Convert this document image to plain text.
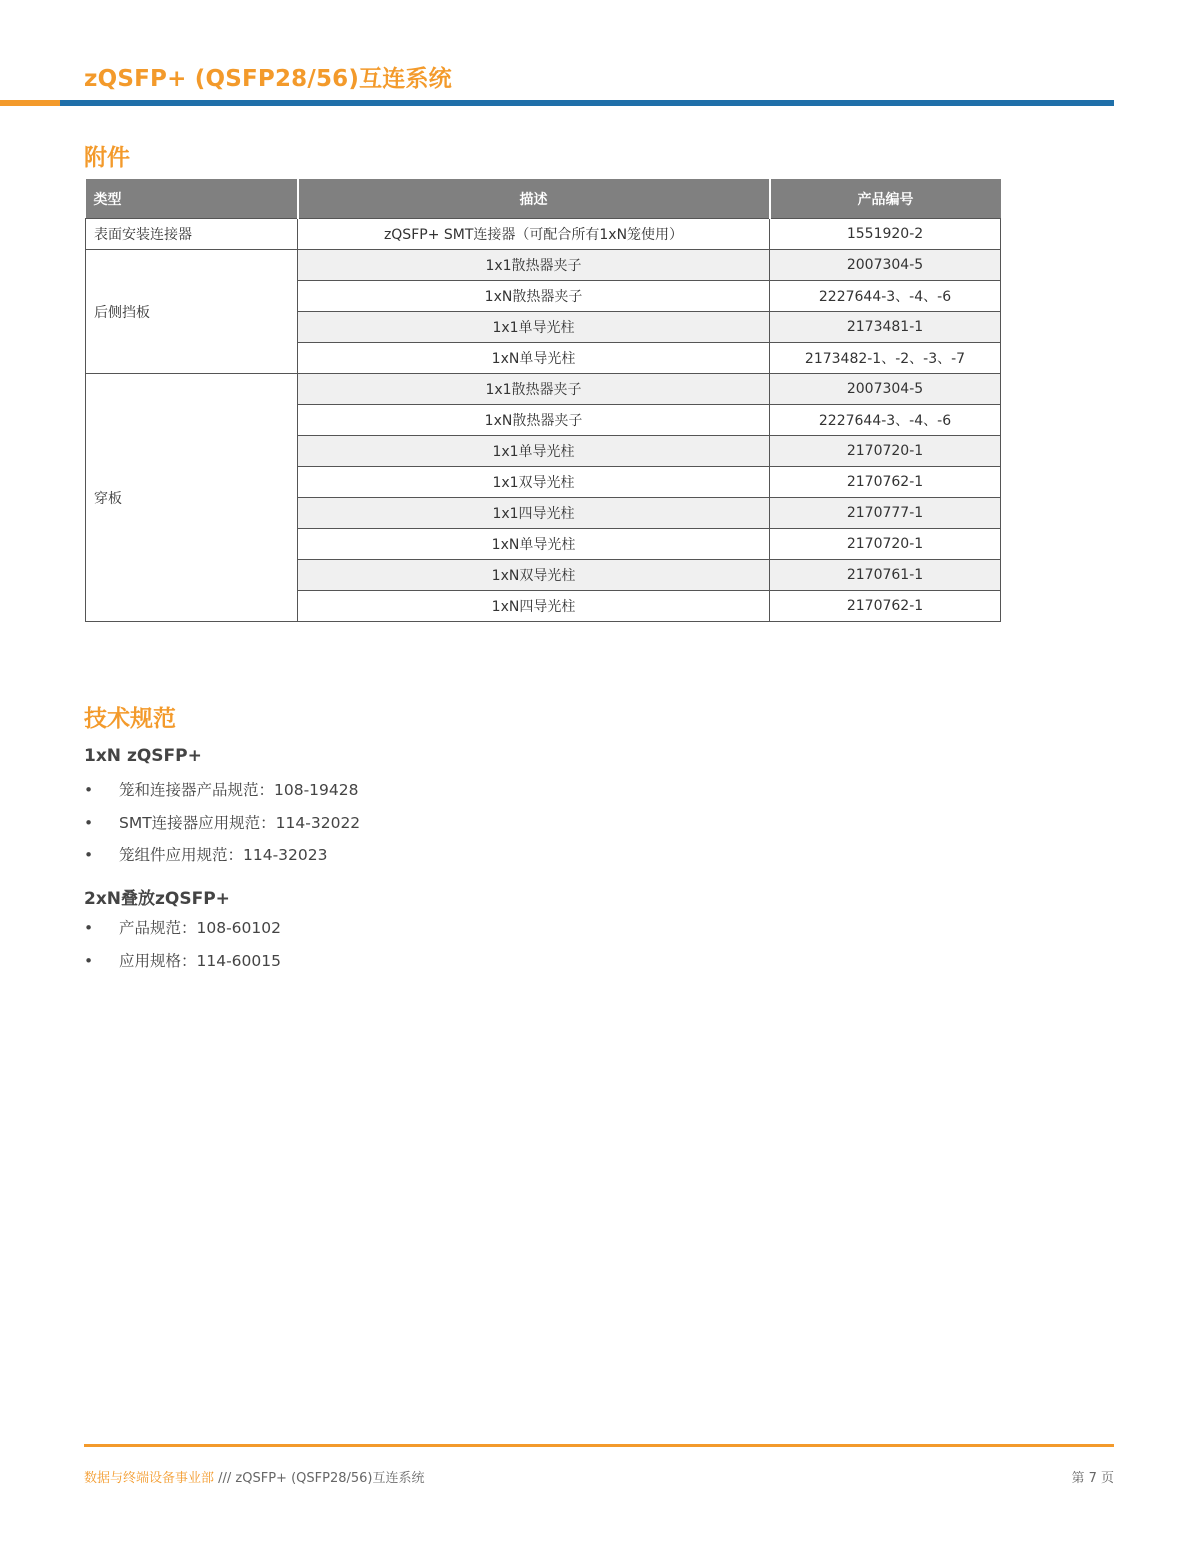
zQSFP+ (QSFP28/56)互连系统
附件
类型	描述	产品编号
表面安装连接器	zQSFP+ SMT连接器（可配合所有1xN笼使用）	1551920-2
后侧挡板	1x1散热器夹子	2007304-5
	1xN散热器夹子	2227644-3、-4、-6
	1x1单导光柱	2173481-1
	1xN单导光柱	2173482-1、-2、-3、-7
穿板	1x1散热器夹子	2007304-5
	1xN散热器夹子	2227644-3、-4、-6
	1x1单导光柱	2170720-1
	1x1双导光柱	2170762-1
	1x1四导光柱	2170777-1
	1xN单导光柱	2170720-1
	1xN双导光柱	2170761-1
	1xN四导光柱	2170762-1
技术规范
1xN zQSFP+
• 笼和连接器产品规范：108-19428
• SMT连接器应用规范：114-32022
• 笼组件应用规范：114-32023
2xN叠放zQSFP+
• 产品规范：108-60102
• 应用规格：114-60015
数据与终端设备事业部 /// zQSFP+ (QSFP28/56)互连系统	第 7 页
